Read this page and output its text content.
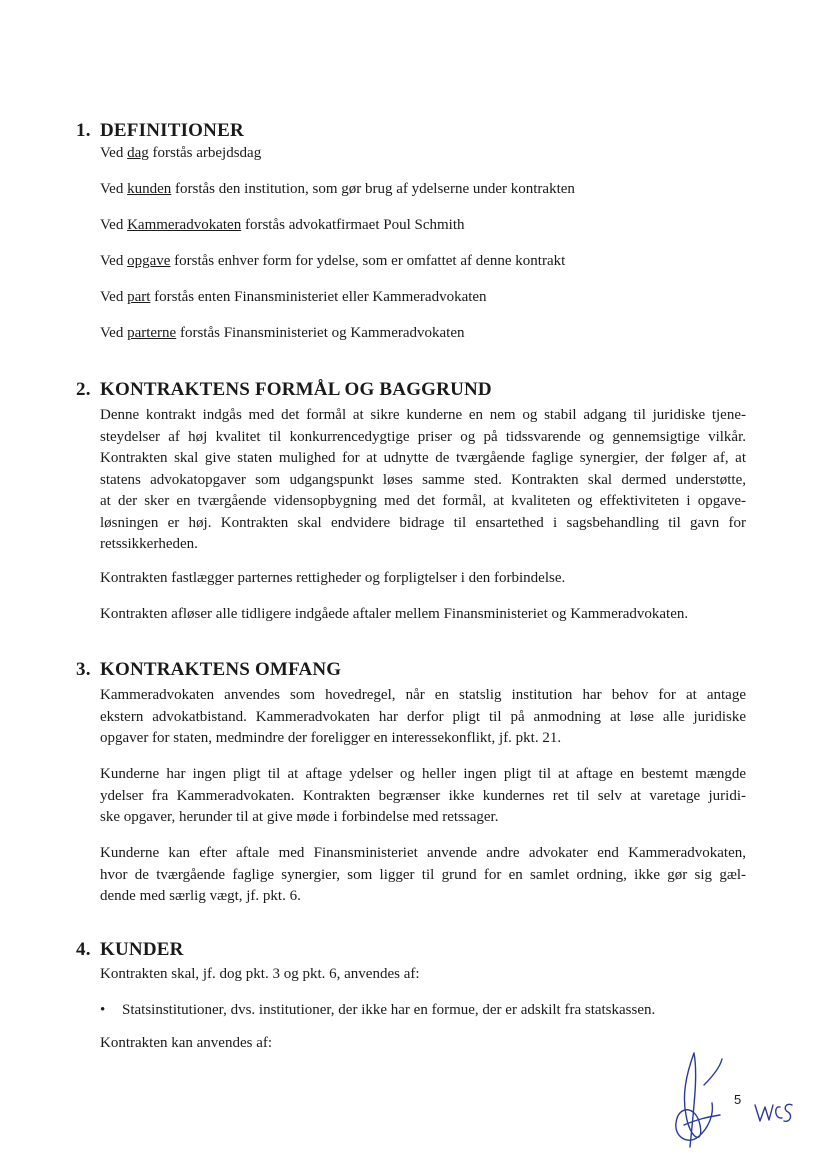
1. DEFINITIONER
Ved dag forstås arbejdsdag
Ved kunden forstås den institution, som gør brug af ydelserne under kontrakten
Ved Kammeradvokaten forstås advokatfirmaet Poul Schmith
Ved opgave forstås enhver form for ydelse, som er omfattet af denne kontrakt
Ved part forstås enten Finansministeriet eller Kammeradvokaten
Ved parterne forstås Finansministeriet og Kammeradvokaten
2. KONTRAKTENS FORMÅL OG BAGGRUND
Denne kontrakt indgås med det formål at sikre kunderne en nem og stabil adgang til juridiske tjene-
steydelser af høj kvalitet til konkurrencedygtige priser og på tidssvarende og gennemsigtige vilkår.
Kontrakten skal give staten mulighed for at udnytte de tværgående faglige synergier, der følger af, at
statens advokatopgaver som udgangspunkt løses samme sted. Kontrakten skal dermed understøtte,
at der sker en tværgående vidensopbygning med det formål, at kvaliteten og effektiviteten i opgave-
løsningen er høj. Kontrakten skal endvidere bidrage til ensartethed i sagsbehandling til gavn for
retssikkerheden.
Kontrakten fastlægger parternes rettigheder og forpligtelser i den forbindelse.
Kontrakten afløser alle tidligere indgåede aftaler mellem Finansministeriet og Kammeradvokaten.
3. KONTRAKTENS OMFANG
Kammeradvokaten anvendes som hovedregel, når en statslig institution har behov for at antage
ekstern advokatbistand. Kammeradvokaten har derfor pligt til på anmodning at løse alle juridiske
opgaver for staten, medmindre der foreligger en interessekonflikt, jf. pkt. 21.
Kunderne har ingen pligt til at aftage ydelser og heller ingen pligt til at aftage en bestemt mængde
ydelser fra Kammeradvokaten. Kontrakten begrænser ikke kundernes ret til selv at varetage juridi-
ske opgaver, herunder til at give møde i forbindelse med retssager.
Kunderne kan efter aftale med Finansministeriet anvende andre advokater end Kammeradvokaten,
hvor de tværgående faglige synergier, som ligger til grund for en samlet ordning, ikke gør sig gæl-
dende med særlig vægt, jf. pkt. 6.
4. KUNDER
Kontrakten skal, jf. dog pkt. 3 og pkt. 6, anvendes af:
• Statsinstitutioner, dvs. institutioner, der ikke har en formue, der er adskilt fra statskassen.
Kontrakten kan anvendes af:
5
